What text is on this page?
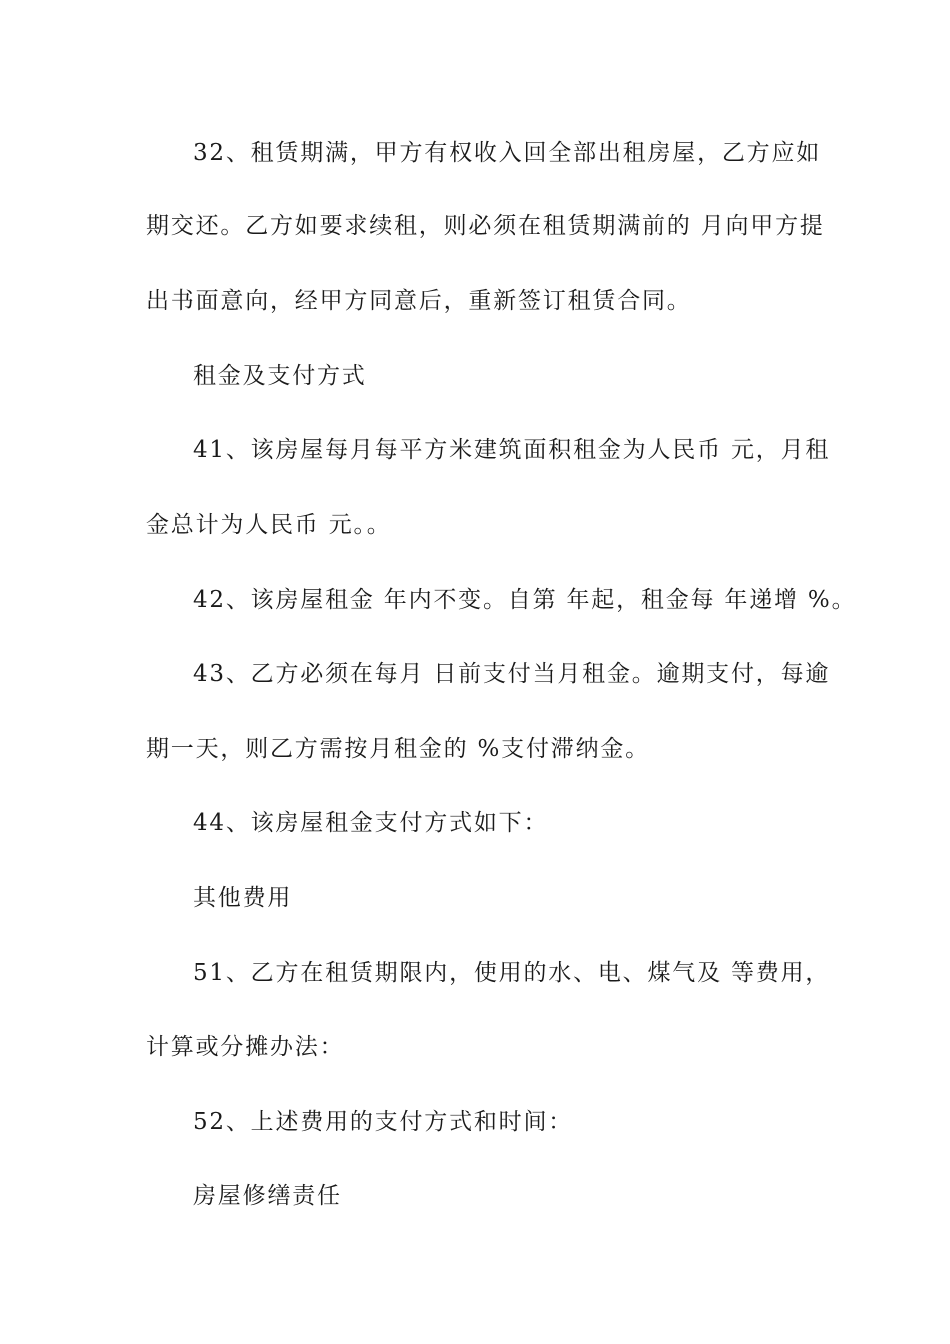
32、租赁期满，甲方有权收入回全部出租房屋，乙方应如
期交还。乙方如要求续租，则必须在租赁期满前的 月向甲方提
出书面意向，经甲方同意后，重新签订租赁合同。
租金及支付方式
41、该房屋每月每平方米建筑面积租金为人民币 元，月租
金总计为人民币 元。。
42、该房屋租金 年内不变。自第 年起，租金每 年递增 %。
43、乙方必须在每月 日前支付当月租金。逾期支付，每逾
期一天，则乙方需按月租金的 %支付滞纳金。
44、该房屋租金支付方式如下：
其他费用
51、乙方在租赁期限内，使用的水、电、煤气及 等费用，
计算或分摊办法：
52、上述费用的支付方式和时间：
房屋修缮责任
